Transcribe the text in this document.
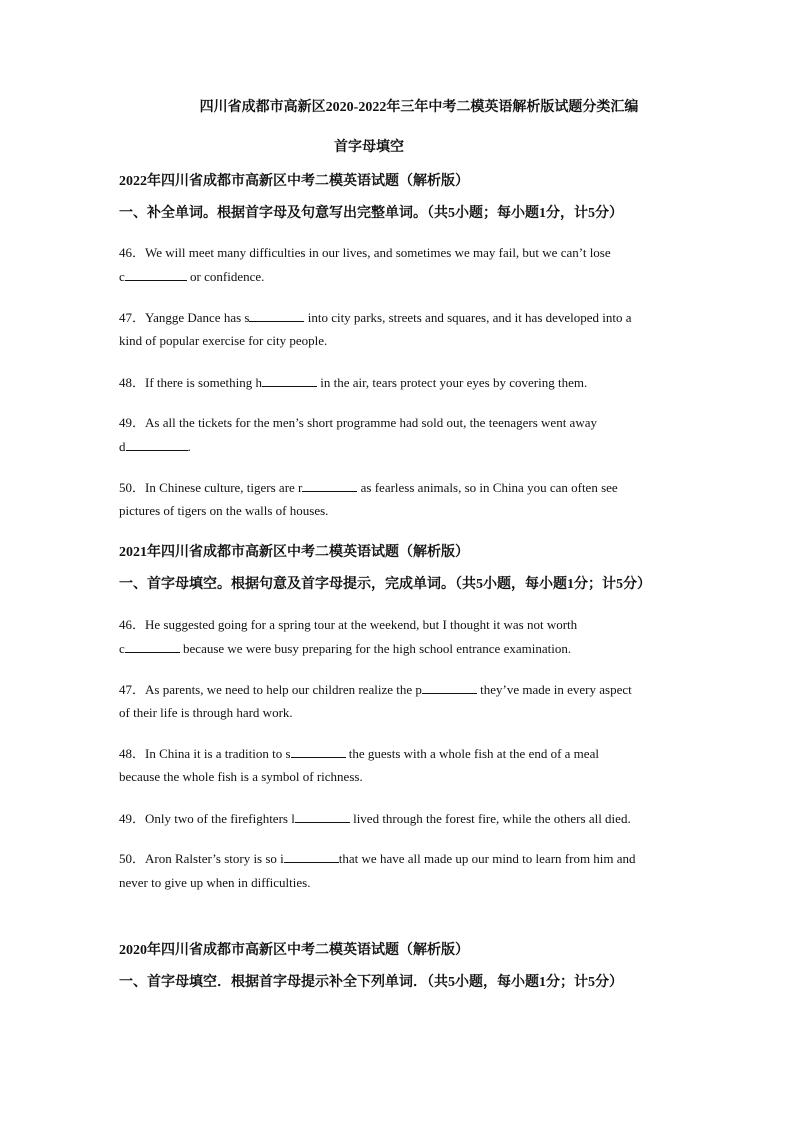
四川省成都市高新区2020-2022年三年中考二模英语解析版试题分类汇编
首字母填空
2022年四川省成都市高新区中考二模英语试题（解析版）
一、补全单词。根据首字母及句意写出完整单词。（共5小题；每小题1分，计5分）
46．We will meet many difficulties in our lives, and sometimes we may fail, but we can’t lose
c	or confidence.
47．Yangge Dance has s	into city parks, streets and squares, and it has developed into a
kind of popular exercise for city people.
48．If there is something h	in the air, tears protect your eyes by covering them.
49．As all the tickets for the men’s short programme had sold out, the teenagers went away
d	.
50．In Chinese culture, tigers are r	as fearless animals, so in China you can often see
pictures of tigers on the walls of houses.
2021年四川省成都市高新区中考二模英语试题（解析版）
一、首字母填空。根据句意及首字母提示，完成单词。（共5小题，每小题1分；计5分）
46．He suggested going for a spring tour at the weekend, but I thought it was not worth
c	because we were busy preparing for the high school entrance examination.
47．As parents, we need to help our children realize the p	they’ve made in every aspect
of their life is through hard work.
48．In China it is a tradition to s	the guests with a whole fish at the end of a meal
because the whole fish is a symbol of richness.
49．Only two of the firefighters l	lived through the forest fire, while the others all died.
50．Aron Ralster’s story is so i	that we have all made up our mind to learn from him and
never to give up when in difficulties.
2020年四川省成都市高新区中考二模英语试题（解析版）
一、首字母填空．根据首字母提示补全下列单词．（共5小题，每小题1分；计5分）
